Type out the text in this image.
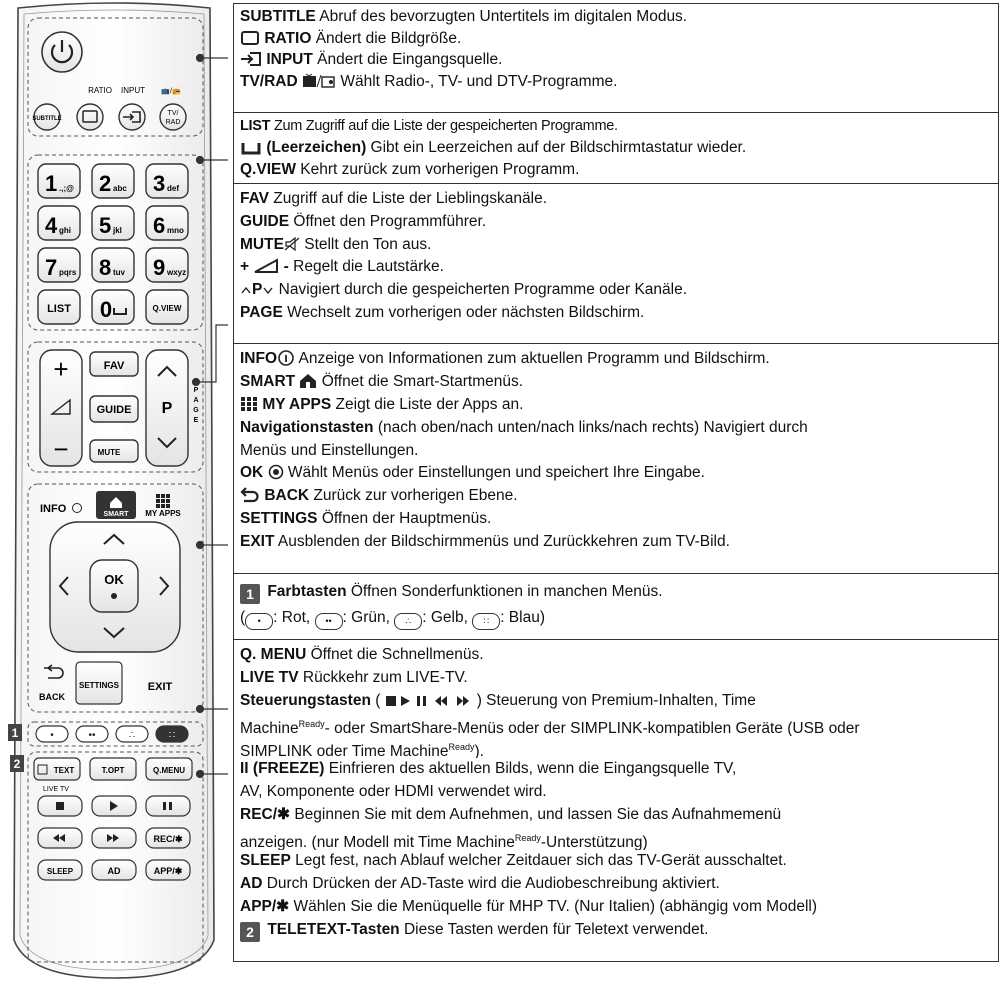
RATIO INPUT 📺/📻
SUBTITLE
TV/
RAD
1 .,;@ 2 abc 3 def
4 ghi 5 jkl 6 mno
7 pqrs 8 tuv 9 wxyz
LIST 0	Q.VIEW
+
−
FAV
GUIDE
MUTE
P
P
A
G
E
INFO	SMART MY APPS
OK
BACK
SETTINGS	EXIT
1	•	••	∴	∷
2	TEXT	T.OPT	Q.MENU
LIVE TV
REC/✱
SLEEP	AD	APP/✱
SUBTITLE Abruf des bevorzugten Untertitels im digitalen Modus.
RATIO Ändert die Bildgröße.
INPUT Ändert die Eingangsquelle.
TV/RAD  Wählt Radio-, TV- und DTV-Programme.
LIST Zum Zugriff auf die Liste der gespeicherten Programme.
(Leerzeichen) Gibt ein Leerzeichen auf der Bildschirmtastatur wieder.
Q.VIEW Kehrt zurück zum vorherigen Programm.
FAV Zugriff auf die Liste der Lieblingskanäle.
GUIDE Öffnet den Programmführer.
MUTE Stellt den Ton aus.
+  - Regelt die Lautstärke.
P Navigiert durch die gespeicherten Programme oder Kanäle.
PAGE Wechselt zum vorherigen oder nächsten Bildschirm.
INFO Anzeige von Informationen zum aktuellen Programm und Bildschirm.
SMART  Öffnet die Smart-Startmenüs.
MY APPS Zeigt die Liste der Apps an.
Navigationstasten (nach oben/nach unten/nach links/nach rechts) Navigiert durch
Menüs und Einstellungen.
OK  Wählt Menüs oder Einstellungen und speichert Ihre Eingabe.
BACK Zurück zur vorherigen Ebene.
SETTINGS Öffnen der Hauptmenüs.
EXIT Ausblenden der Bildschirmmenüs und Zurückkehren zum TV-Bild.
1 Farbtasten Öffnen Sonderfunktionen in manchen Menüs.
( • : Rot, •• : Grün, ∴ : Gelb, ∷ : Blau)
Q. MENU Öffnet die Schnellmenüs.
LIVE TV Rückkehr zum LIVE-TV.
Steuerungstasten (	) Steuerung von Premium-Inhalten, Time
Machine$^{Ready}$- oder SmartShare-Menüs oder der SIMPLINK-kompatiblen Geräte (USB oder
SIMPLINK oder Time Machine$^{Ready}$).
II (FREEZE) Einfrieren des aktuellen Bilds, wenn die Eingangsquelle TV,
AV, Komponente oder HDMI verwendet wird.
REC/✱ Beginnen Sie mit dem Aufnehmen, und lassen Sie das Aufnahmemenü
anzeigen. (nur Modell mit Time Machine$^{Ready}$-Unterstützung)
SLEEP Legt fest, nach Ablauf welcher Zeitdauer sich das TV-Gerät ausschaltet.
AD Durch Drücken der AD-Taste wird die Audiobeschreibung aktiviert.
APP/✱ Wählen Sie die Menüquelle für MHP TV. (Nur Italien) (abhängig vom Modell)
2 TELETEXT-Tasten Diese Tasten werden für Teletext verwendet.
